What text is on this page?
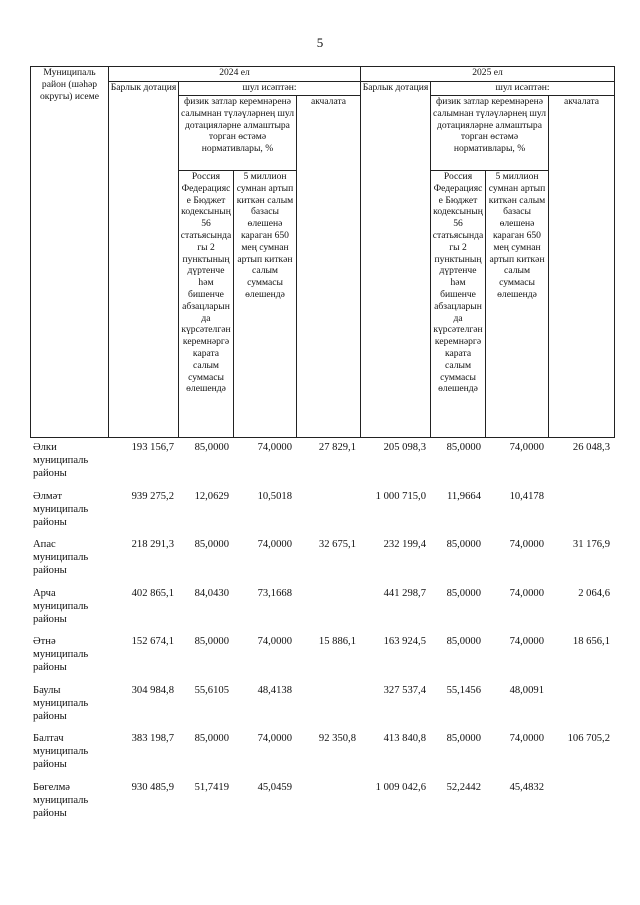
5
Муниципаль район (шәһәр округы) исеме	2024 ел				2025 ел			
	Барлык дотация	шул исәптән:			Барлык дотация	шул исәптән:		
		физик затлар керемнәренә салымнан түләүләрнең шул дотацияләрне алмаштыра торган өстәмә нормативлары, %		акчалата		физик затлар керемнәренә салымнан түләүләрнең шул дотацияләрне алмаштыра торган өстәмә нормативлары, %		акчалата
		Россия Федерациясе Бюджет кодексының 56 статьясындагы 2 пунктының дүртенче һәм бишенче абзацларында күрсәтелгән керемнәргә карата салым суммасы өлешендә	5 миллион сумнан артып киткән салым базасы өлешенә караган 650 мең сумнан артып киткән салым суммасы өлешендә			Россия Федерациясе Бюджет кодексының 56 статьясындагы 2 пунктының дүртенче һәм бишенче абзацларында күрсәтелгән керемнәргә карата салым суммасы өлешендә	5 миллион сумнан артып киткән салым базасы өлешенә караган 650 мең сумнан артып киткән салым суммасы өлешендә	
Әлки муниципаль районы	193 156,7	85,0000	74,0000	27 829,1	205 098,3	85,0000	74,0000	26 048,3
Әлмәт муниципаль районы	939 275,2	12,0629	10,5018		1 000 715,0	11,9664	10,4178	
Апас муниципаль районы	218 291,3	85,0000	74,0000	32 675,1	232 199,4	85,0000	74,0000	31 176,9
Арча муниципаль районы	402 865,1	84,0430	73,1668		441 298,7	85,0000	74,0000	2 064,6
Әтнә муниципаль районы	152 674,1	85,0000	74,0000	15 886,1	163 924,5	85,0000	74,0000	18 656,1
Баулы муниципаль районы	304 984,8	55,6105	48,4138		327 537,4	55,1456	48,0091	
Балтач муниципаль районы	383 198,7	85,0000	74,0000	92 350,8	413 840,8	85,0000	74,0000	106 705,2
Бөгелмә муниципаль районы	930 485,9	51,7419	45,0459		1 009 042,6	52,2442	45,4832	
